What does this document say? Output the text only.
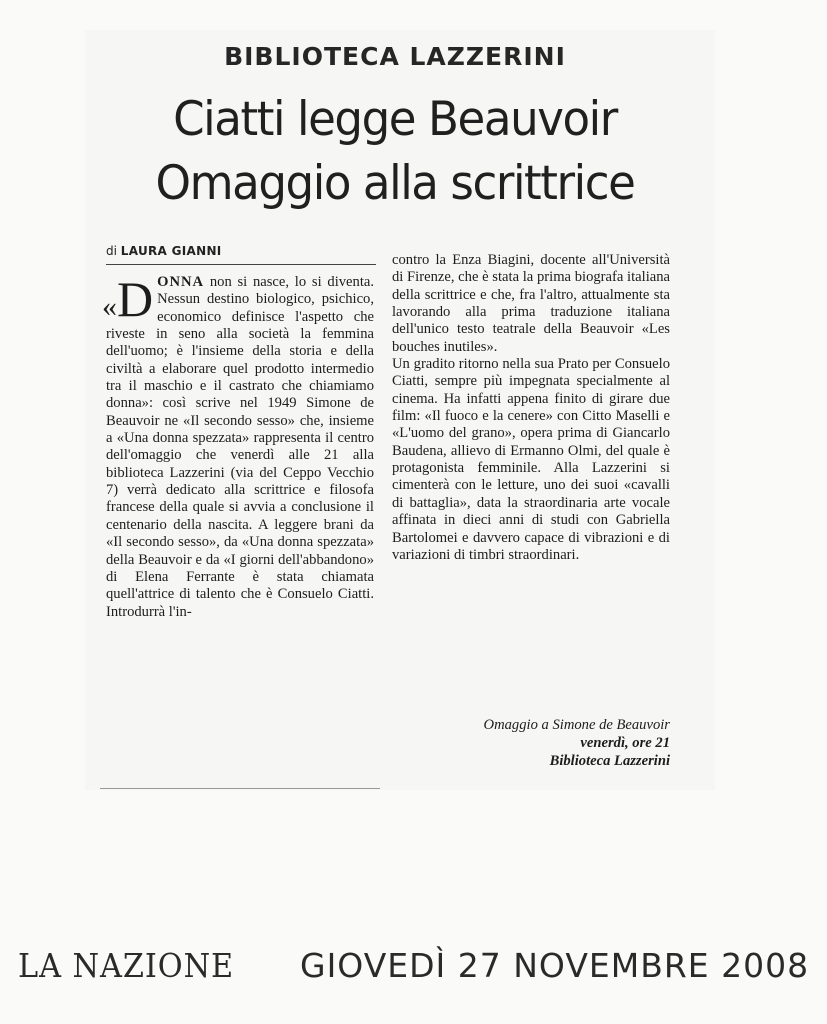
BIBLIOTECA LAZZERINI
Ciatti legge Beauvoir
Omaggio alla scrittrice
di LAURA GIANNI
«D ONNA non si nasce, lo si diventa. Nessun destino biologico, psichico, economico definisce l'aspetto che riveste in seno alla società la femmina dell'uomo; è l'insieme della storia e della civiltà a elaborare quel prodotto intermedio tra il maschio e il castrato che chiamiamo donna»: così scrive nel 1949 Simone de Beauvoir ne «Il secondo sesso» che, insieme a «Una donna spezzata» rappresenta il centro dell'omaggio che venerdì alle 21 alla biblioteca Lazzerini (via del Ceppo Vecchio 7) verrà dedicato alla scrittrice e filosofa francese della quale si avvia a conclusione il centenario della nascita. A leggere brani da «Il secondo sesso», da «Una donna spezzata» della Beauvoir e da «I giorni dell'abbandono» di Elena Ferrante è stata chiamata quell'attrice di talento che è Consuelo Ciatti. Introdurrà l'in-
contro la Enza Biagini, docente all'Università di Firenze, che è stata la prima biografa italiana della scrittrice e che, fra l'altro, attualmente sta lavorando alla prima traduzione italiana dell'unico testo teatrale della Beauvoir «Les bouches inutiles».
Un gradito ritorno nella sua Prato per Consuelo Ciatti, sempre più impegnata specialmente al cinema. Ha infatti appena finito di girare due film: «Il fuoco e la cenere» con Citto Maselli e «L'uomo del grano», opera prima di Giancarlo Baudena, allievo di Ermanno Olmi, del quale è protagonista femminile. Alla Lazzerini si cimenterà con le letture, uno dei suoi «cavalli di battaglia», data la straordinaria arte vocale affinata in dieci anni di studi con Gabriella Bartolomei e davvero capace di vibrazioni e di variazioni di timbri straordinari.
Omaggio a Simone de Beauvoir
venerdì, ore 21
Biblioteca Lazzerini
LA NAZIONE GIOVEDÌ 27 NOVEMBRE 2008
